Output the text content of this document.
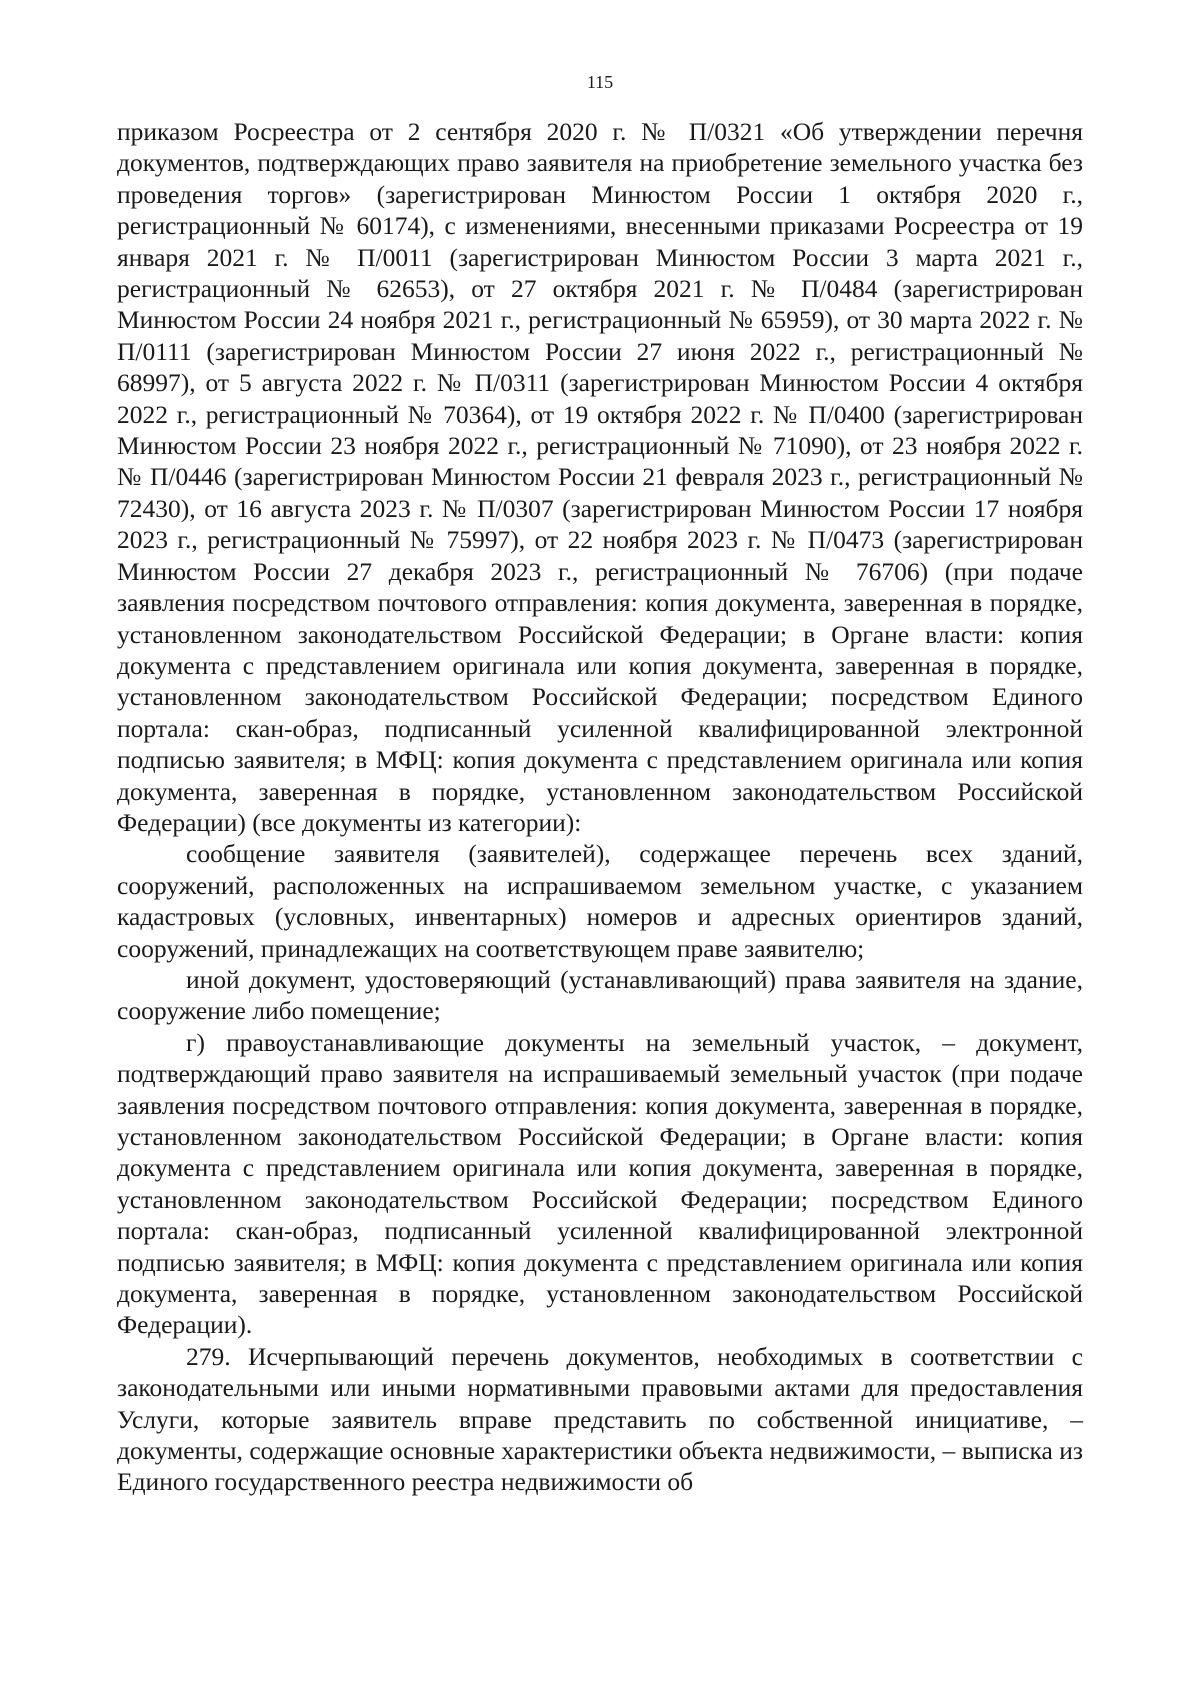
115

приказом Росреестра от 2 сентября 2020 г. № П/0321 «Об утверждении перечня документов, подтверждающих право заявителя на приобретение земельного участка без проведения торгов» (зарегистрирован Минюстом России 1 октября 2020 г., регистрационный № 60174), с изменениями, внесенными приказами Росреестра от 19 января 2021 г. № П/0011 (зарегистрирован Минюстом России 3 марта 2021 г., регистрационный № 62653), от 27 октября 2021 г. № П/0484 (зарегистрирован Минюстом России 24 ноября 2021 г., регистрационный № 65959), от 30 марта 2022 г. № П/0111 (зарегистрирован Минюстом России 27 июня 2022 г., регистрационный № 68997), от 5 августа 2022 г. № П/0311 (зарегистрирован Минюстом России 4 октября 2022 г., регистрационный № 70364), от 19 октября 2022 г. № П/0400 (зарегистрирован Минюстом России 23 ноября 2022 г., регистрационный № 71090), от 23 ноября 2022 г. № П/0446 (зарегистрирован Минюстом России 21 февраля 2023 г., регистрационный № 72430), от 16 августа 2023 г. № П/0307 (зарегистрирован Минюстом России 17 ноября 2023 г., регистрационный № 75997), от 22 ноября 2023 г. № П/0473 (зарегистрирован Минюстом России 27 декабря 2023 г., регистрационный № 76706) (при подаче заявления посредством почтового отправления: копия документа, заверенная в порядке, установленном законодательством Российской Федерации; в Органе власти: копия документа с представлением оригинала или копия документа, заверенная в порядке, установленном законодательством Российской Федерации; посредством Единого портала: скан-образ, подписанный усиленной квалифицированной электронной подписью заявителя; в МФЦ: копия документа с представлением оригинала или копия документа, заверенная в порядке, установленном законодательством Российской Федерации) (все документы из категории):

сообщение заявителя (заявителей), содержащее перечень всех зданий, сооружений, расположенных на испрашиваемом земельном участке, с указанием кадастровых (условных, инвентарных) номеров и адресных ориентиров зданий, сооружений, принадлежащих на соответствующем праве заявителю;

иной документ, удостоверяющий (устанавливающий) права заявителя на здание, сооружение либо помещение;

г) правоустанавливающие документы на земельный участок, – документ, подтверждающий право заявителя на испрашиваемый земельный участок (при подаче заявления посредством почтового отправления: копия документа, заверенная в порядке, установленном законодательством Российской Федерации; в Органе власти: копия документа с представлением оригинала или копия документа, заверенная в порядке, установленном законодательством Российской Федерации; посредством Единого портала: скан-образ, подписанный усиленной квалифицированной электронной подписью заявителя; в МФЦ: копия документа с представлением оригинала или копия документа, заверенная в порядке, установленном законодательством Российской Федерации).

279. Исчерпывающий перечень документов, необходимых в соответствии с законодательными или иными нормативными правовыми актами для предоставления Услуги, которые заявитель вправе представить по собственной инициативе, – документы, содержащие основные характеристики объекта недвижимости, – выписка из Единого государственного реестра недвижимости об
